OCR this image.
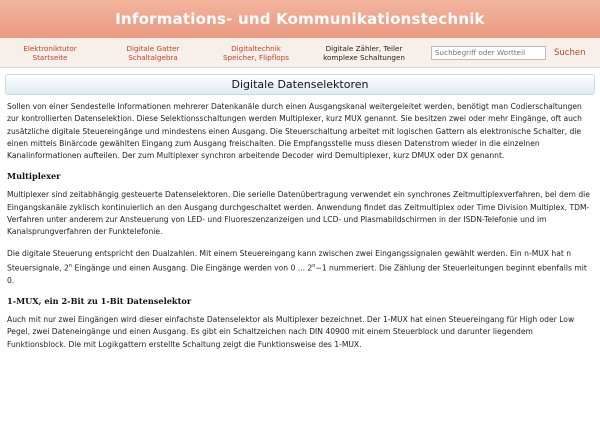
Informations- und Kommunikationstechnik
Elektroniktutor
Startseite
Digitale Gatter
Schaltalgebra
Digitaltechnik
Speicher, Flipflops
Digitale Zähler, Teiler
komplexe Schaltungen
Suchbegriff oder Wortteil	Suchen
Digitale Datenselektoren

Sollen von einer Sendestelle Informationen mehrerer Datenkanäle durch einen Ausgangskanal weitergeleitet werden, benötigt man Codierschaltungen zur kontrollierten Datenselektion. Diese Selektionsschaltungen werden Multiplexer, kurz MUX genannt. Sie besitzen zwei oder mehr Eingänge, oft auch zusätzliche digitale Steuereingänge und mindestens einen Ausgang. Die Steuerschaltung arbeitet mit logischen Gattern als elektronische Schalter, die einen mittels Binärcode gewählten Eingang zum Ausgang freischalten. Die Empfangsstelle muss diesen Datenstrom wieder in die einzelnen Kanalinformationen aufteilen. Der zum Multiplexer synchron arbeitende Decoder wird Demultiplexer, kurz DMUX oder DX genannt.

Multiplexer

Multiplexer sind zeitabhängig gesteuerte Datenselektoren. Die serielle Datenübertragung verwendet ein synchrones Zeitmultiplexverfahren, bei dem die Eingangskanäle zyklisch kontinuierlich an den Ausgang durchgeschaltet werden. Anwendung findet das Zeitmultiplex oder Time Division Multiplex, TDM-Verfahren unter anderem zur Ansteuerung von LED- und Fluoreszenzanzeigen und LCD- und Plasmabildschirmen in der ISDN-Telefonie und im Kanalsprungverfahren der Funktelefonie.

Die digitale Steuerung entspricht den Dualzahlen. Mit einem Steuereingang kann zwischen zwei Eingangssignalen gewählt werden. Ein n-MUX hat n Steuersignale, 2$^n$ Eingänge und einen Ausgang. Die Eingänge werden von 0 ... $2^n-1$ nummeriert. Die Zählung der Steuerleitungen beginnt ebenfalls mit 0.

1-MUX, ein 2-Bit zu 1-Bit Datenselektor

Auch mit nur zwei Eingängen wird dieser einfachste Datenselektor als Multiplexer bezeichnet. Der 1-MUX hat einen Steuereingang für High oder Low Pegel, zwei Dateneingänge und einen Ausgang. Es gibt ein Schaltzeichen nach DIN 40900 mit einem Steuerblock und darunter liegendem Funktionsblock. Die mit Logikgattern erstellte Schaltung zeigt die Funktionsweise des 1-MUX.
